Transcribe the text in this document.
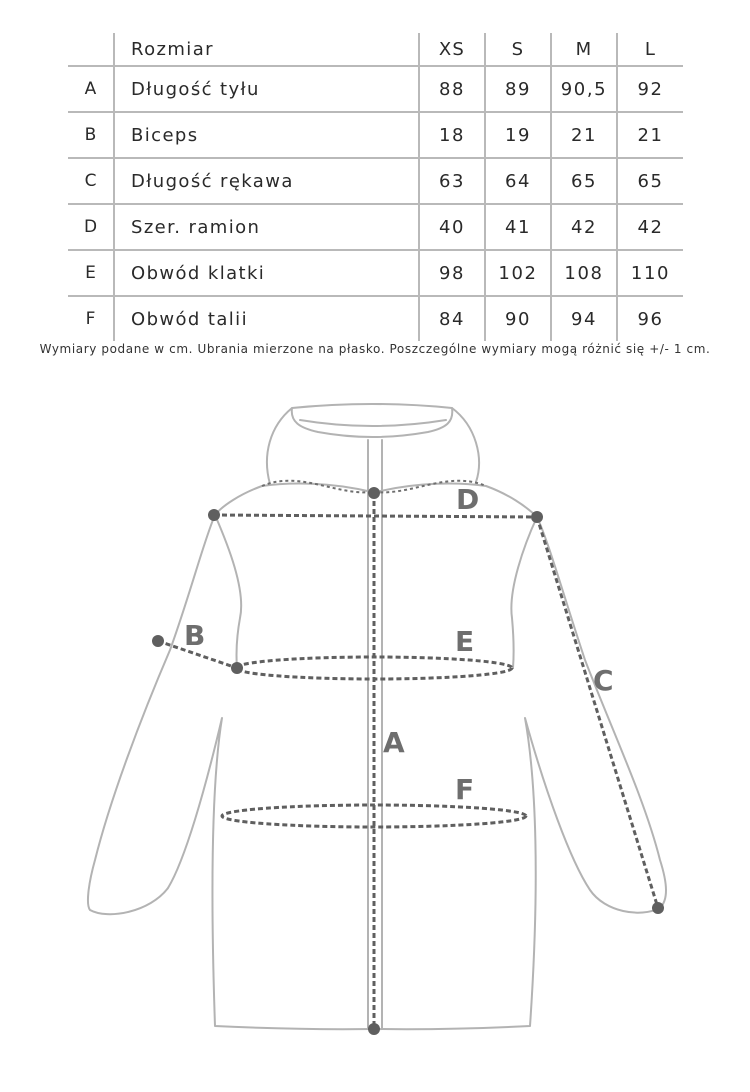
	Rozmiar	XS	S	M	L
A	Długość tyłu	88	89	90,5	92
B	Biceps	18	19	21	21
C	Długość rękawa	63	64	65	65
D	Szer. ramion	40	41	42	42
E	Obwód klatki	98	102	108	110
F	Obwód talii	84	90	94	96
Wymiary podane w cm. Ubrania mierzone na płasko. Poszczególne wymiary mogą różnić się +/- 1 cm.
A
B
C
D
E
F
